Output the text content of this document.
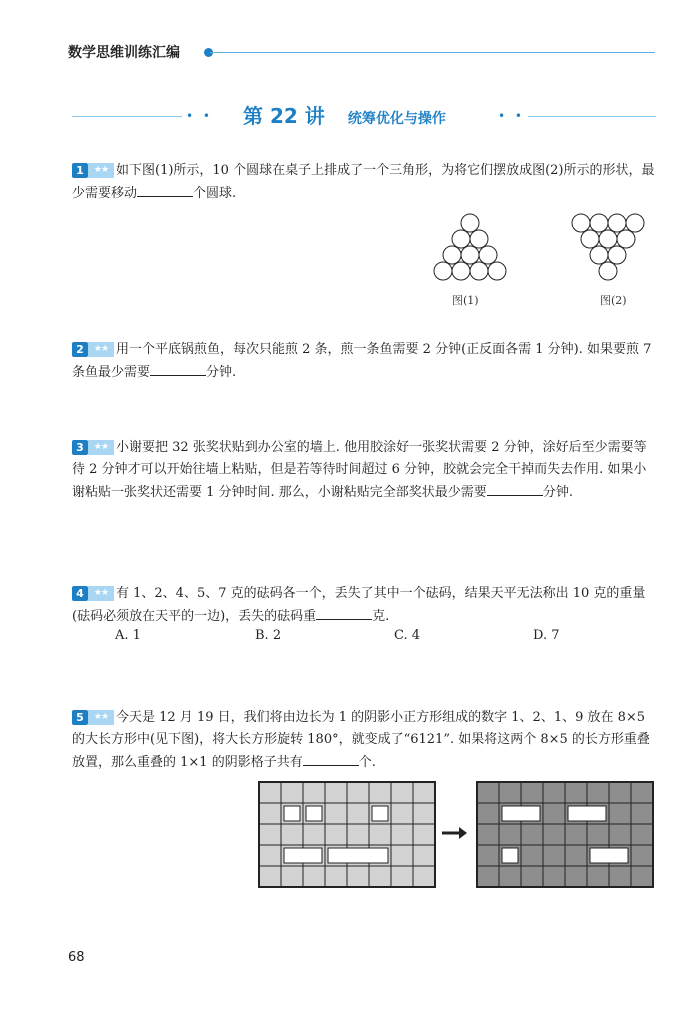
数学思维训练汇编
• • 第 22 讲 统筹优化与操作	• •
1	★★ 如下图(1)所示，10 个圆球在桌子上排成了一个三角形，为将它们摆放成图(2)所示的形状，最少需要移动	个圆球.
图(1)	图(2)
2	★★ 用一个平底锅煎鱼，每次只能煎 2 条，煎一条鱼需要 2 分钟(正反面各需 1 分钟). 如果要煎 7 条鱼最少需要	分钟.
3	★★ 小谢要把 32 张奖状贴到办公室的墙上. 他用胶涂好一张奖状需要 2 分钟，涂好后至少需要等待 2 分钟才可以开始往墙上粘贴，但是若等待时间超过 6 分钟，胶就会完全干掉而失去作用. 如果小谢粘贴一张奖状还需要 1 分钟时间. 那么，小谢粘贴完全部奖状最少需要	分钟.
4	★★ 有 1、2、4、5、7 克的砝码各一个，丢失了其中一个砝码，结果天平无法称出 10 克的重量(砝码必须放在天平的一边)，丢失的砝码重	克.
A. 1	B. 2	C. 4	D. 7
5	★★ 今天是 12 月 19 日，我们将由边长为 1 的阴影小正方形组成的数字 1、2、1、9 放在 8×5 的大长方形中(见下图)，将大长方形旋转 180°，就变成了“6121”. 如果将这两个 8×5 的长方形重叠放置，那么重叠的 1×1 的阴影格子共有	个.
68
